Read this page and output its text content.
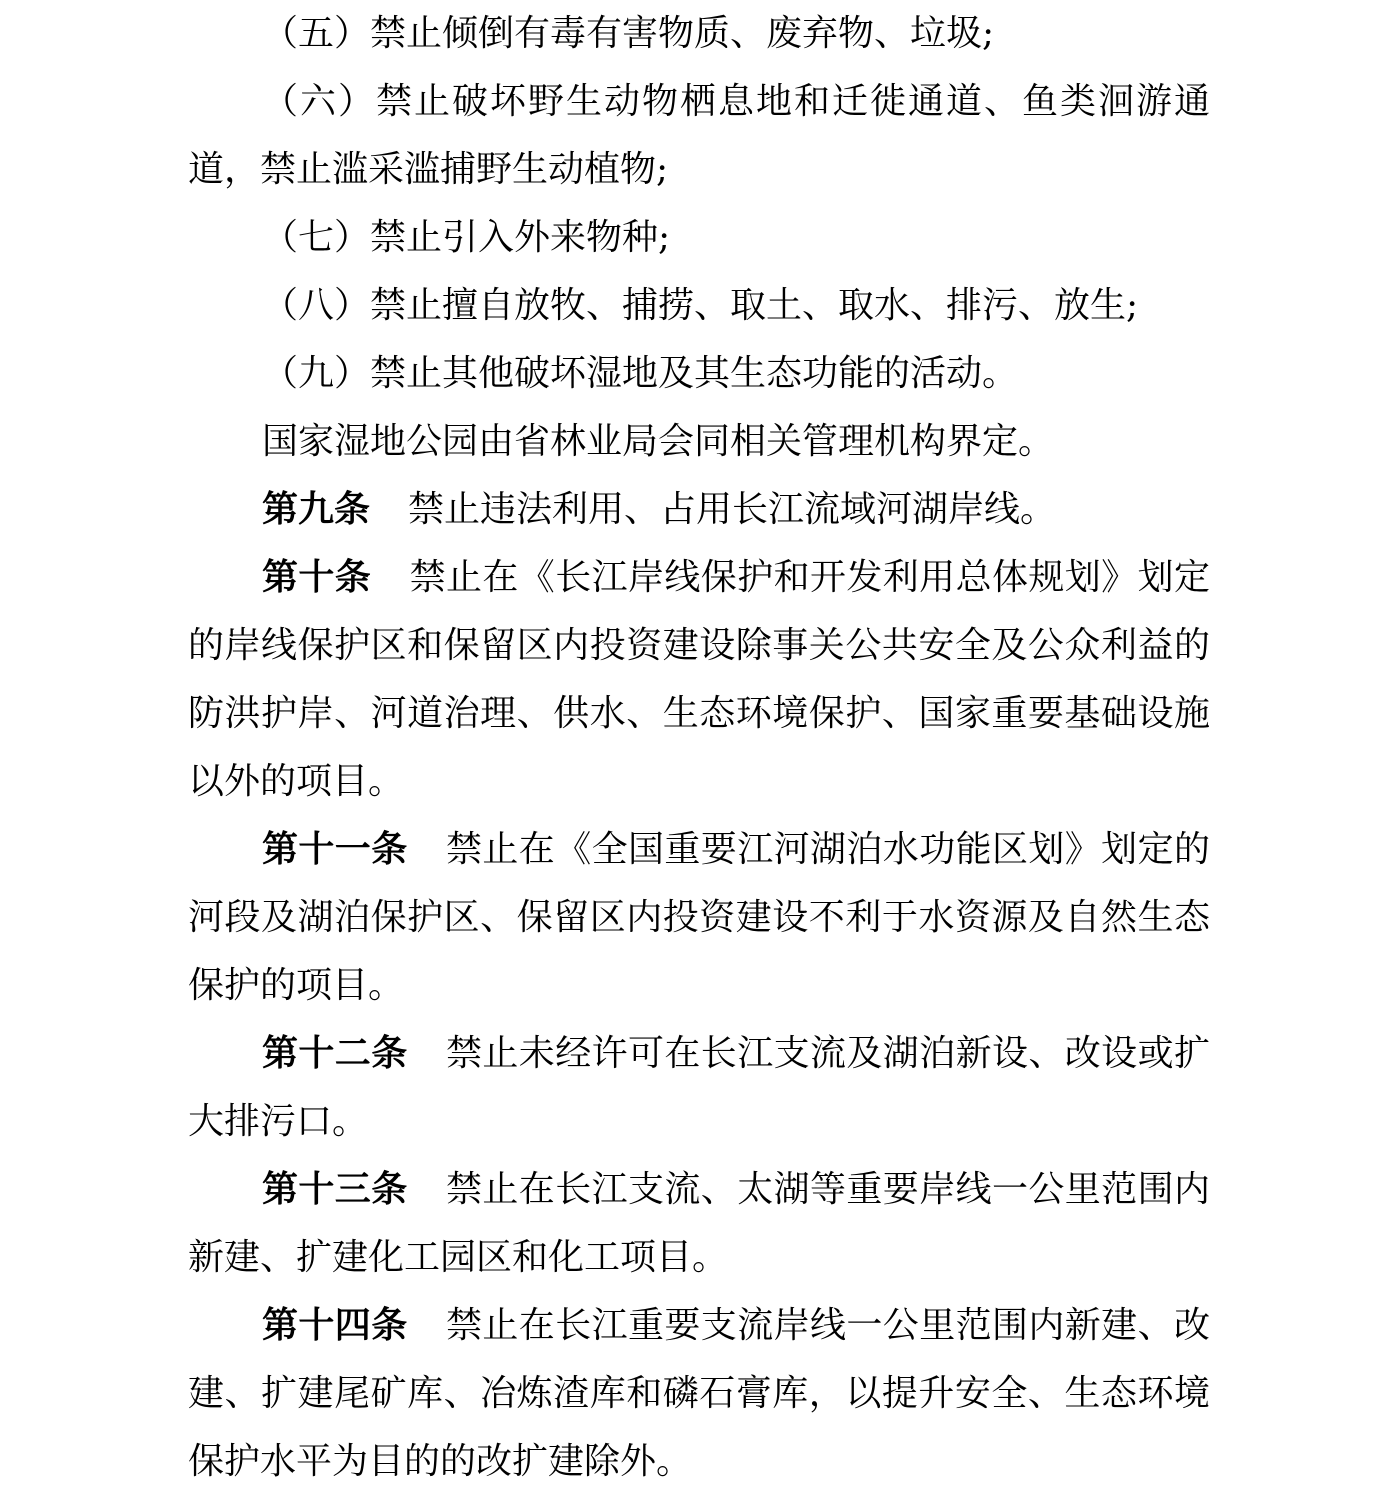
（五）禁止倾倒有毒有害物质、废弃物、垃圾;

（六）禁止破坏野生动物栖息地和迁徙通道、鱼类洄游通道，禁止滥采滥捕野生动植物;

（七）禁止引入外来物种;

（八）禁止擅自放牧、捕捞、取土、取水、排污、放生;

（九）禁止其他破坏湿地及其生态功能的活动。

国家湿地公园由省林业局会同相关管理机构界定。

第九条 禁止违法利用、占用长江流域河湖岸线。

第十条 禁止在《长江岸线保护和开发利用总体规划》划定的岸线保护区和保留区内投资建设除事关公共安全及公众利益的防洪护岸、河道治理、供水、生态环境保护、国家重要基础设施以外的项目。

第十一条 禁止在《全国重要江河湖泊水功能区划》划定的河段及湖泊保护区、保留区内投资建设不利于水资源及自然生态保护的项目。

第十二条 禁止未经许可在长江支流及湖泊新设、改设或扩大排污口。

第十三条 禁止在长江支流、太湖等重要岸线一公里范围内新建、扩建化工园区和化工项目。

第十四条 禁止在长江重要支流岸线一公里范围内新建、改建、扩建尾矿库、冶炼渣库和磷石膏库，以提升安全、生态环境保护水平为目的的改扩建除外。
